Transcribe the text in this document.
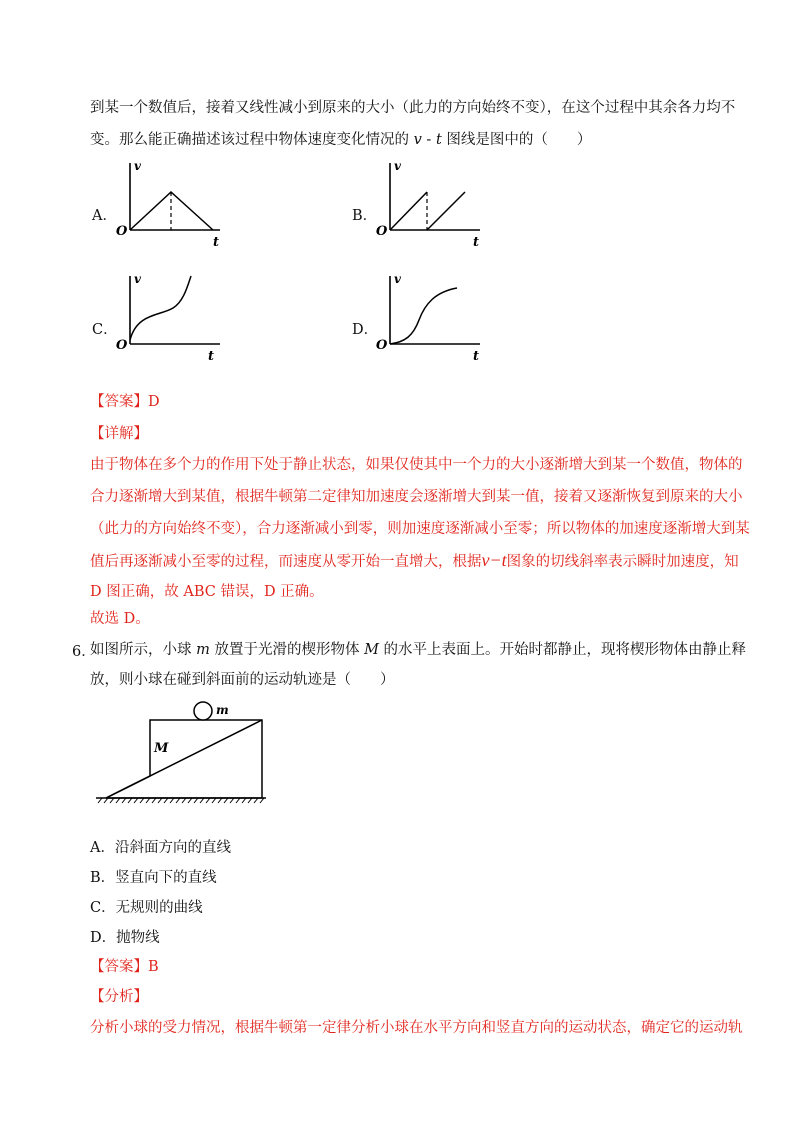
到某一个数值后，接着又线性减小到原来的大小（此力的方向始终不变），在这个过程中其余各力均不
变。那么能正确描述该过程中物体速度变化情况的 v - t 图线是图中的（　　）
A．	B．
C．	D．
v
O
t
v
O
t
v
O
t
v
O
t
【答案】D
【详解】
由于物体在多个力的作用下处于静止状态，如果仅使其中一个力的大小逐渐增大到某一个数值，物体的
合力逐渐增大到某值，根据牛顿第二定律知加速度会逐渐增大到某一值，接着又逐渐恢复到原来的大小
（此力的方向始终不变），合力逐渐减小到零，则加速度逐渐减小至零；所以物体的加速度逐渐增大到某
值后再逐渐减小至零的过程，而速度从零开始一直增大，根据v−t图象的切线斜率表示瞬时加速度，知
D 图正确，故 ABC 错误，D 正确。
故选 D。
6．
如图所示，小球 m 放置于光滑的楔形物体 M 的水平上表面上。开始时都静止，现将楔形物体由静止释
放，则小球在碰到斜面前的运动轨迹是（　　）
m
M
A．沿斜面方向的直线
B．竖直向下的直线
C．无规则的曲线
D．抛物线
【答案】B
【分析】
分析小球的受力情况，根据牛顿第一定律分析小球在水平方向和竖直方向的运动状态，确定它的运动轨
